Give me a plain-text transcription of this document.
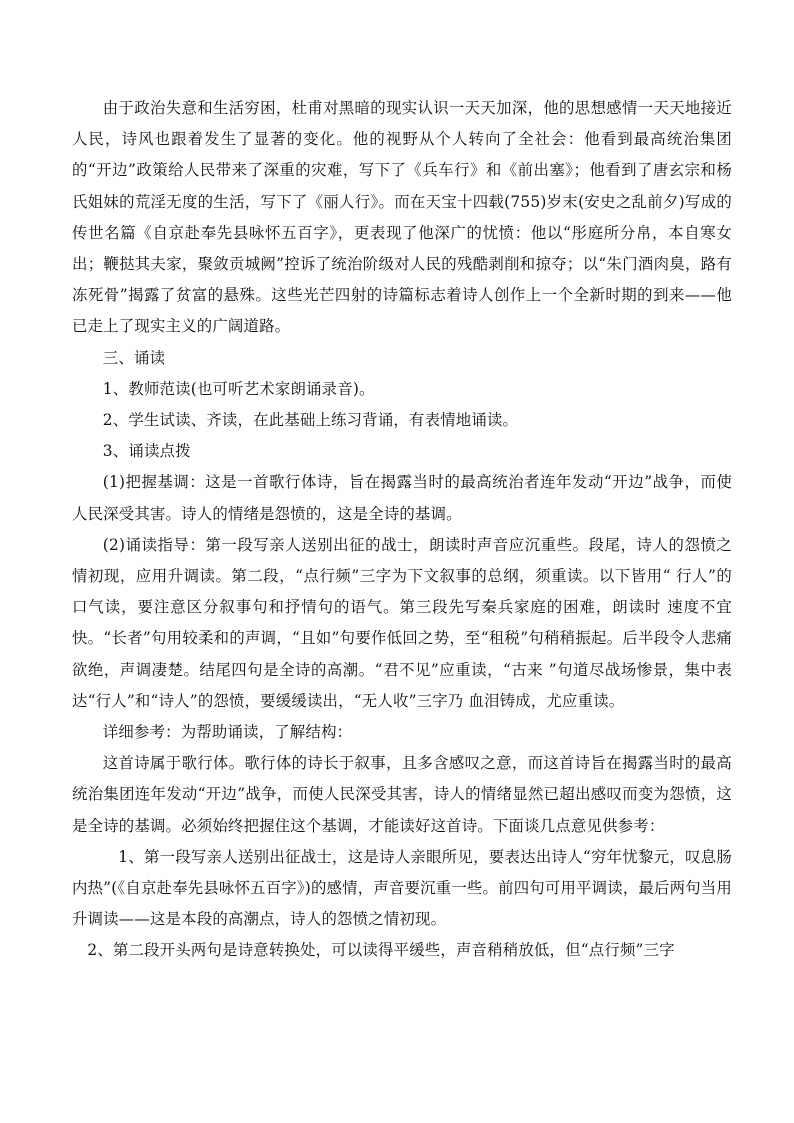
由于政治失意和生活穷困，杜甫对黑暗的现实认识一天天加深，他的思想感情一天天地接近人民，诗风也跟着发生了显著的变化。他的视野从个人转向了全社会：他看到最高统治集团的“开边”政策给人民带来了深重的灾难，写下了《兵车行》和《前出塞》；他看到了唐玄宗和杨氏姐妹的荒淫无度的生活，写下了《丽人行》。而在天宝十四载(755)岁末(安史之乱前夕)写成的传世名篇《自京赴奉先县咏怀五百字》，更表现了他深广的忧愤：他以“彤庭所分帛，本自寒女出；鞭挞其夫家，聚敛贡城阙”控诉了统治阶级对人民的残酷剥削和掠夺；以“朱门酒肉臭，路有冻死骨”揭露了贫富的悬殊。这些光芒四射的诗篇标志着诗人创作上一个全新时期的到来——他已走上了现实主义的广阔道路。

三、诵读

1、教师范读(也可听艺术家朗诵录音)。

2、学生试读、齐读，在此基础上练习背诵，有表情地诵读。

3、诵读点拨

(1)把握基调：这是一首歌行体诗，旨在揭露当时的最高统治者连年发动“开边”战争，而使人民深受其害。诗人的情绪是怨愤的，这是全诗的基调。

(2)诵读指导：第一段写亲人送别出征的战士，朗读时声音应沉重些。段尾，诗人的怨愤之情初现，应用升调读。第二段，“点行频”三字为下文叙事的总纲，须重读。以下皆用“ 行人”的口气读，要注意区分叙事句和抒情句的语气。第三段先写秦兵家庭的困难，朗读时 速度不宜快。“长者”句用较柔和的声调，“且如”句要作低回之势，至“租税”句稍稍振起。后半段令人悲痛欲绝，声调凄楚。结尾四句是全诗的高潮。“君不见”应重读，“古来 ”句道尽战场惨景，集中表达“行人”和“诗人”的怨愤，要缓缓读出，“无人收”三字乃 血泪铸成，尤应重读。

详细参考：为帮助诵读，了解结构：

这首诗属于歌行体。歌行体的诗长于叙事，且多含感叹之意，而这首诗旨在揭露当时的最高统治集团连年发动“开边”战争，而使人民深受其害，诗人的情绪显然已超出感叹而变为怨愤，这是全诗的基调。必须始终把握住这个基调，才能读好这首诗。下面谈几点意见供参考：

1、第一段写亲人送别出征战士，这是诗人亲眼所见，要表达出诗人“穷年忧黎元，叹息肠内热”(《自京赴奉先县咏怀五百字》)的感情，声音要沉重一些。前四句可用平调读，最后两句当用升调读——这是本段的高潮点，诗人的怨愤之情初现。

2、第二段开头两句是诗意转换处，可以读得平缓些，声音稍稍放低，但“点行频”三字
